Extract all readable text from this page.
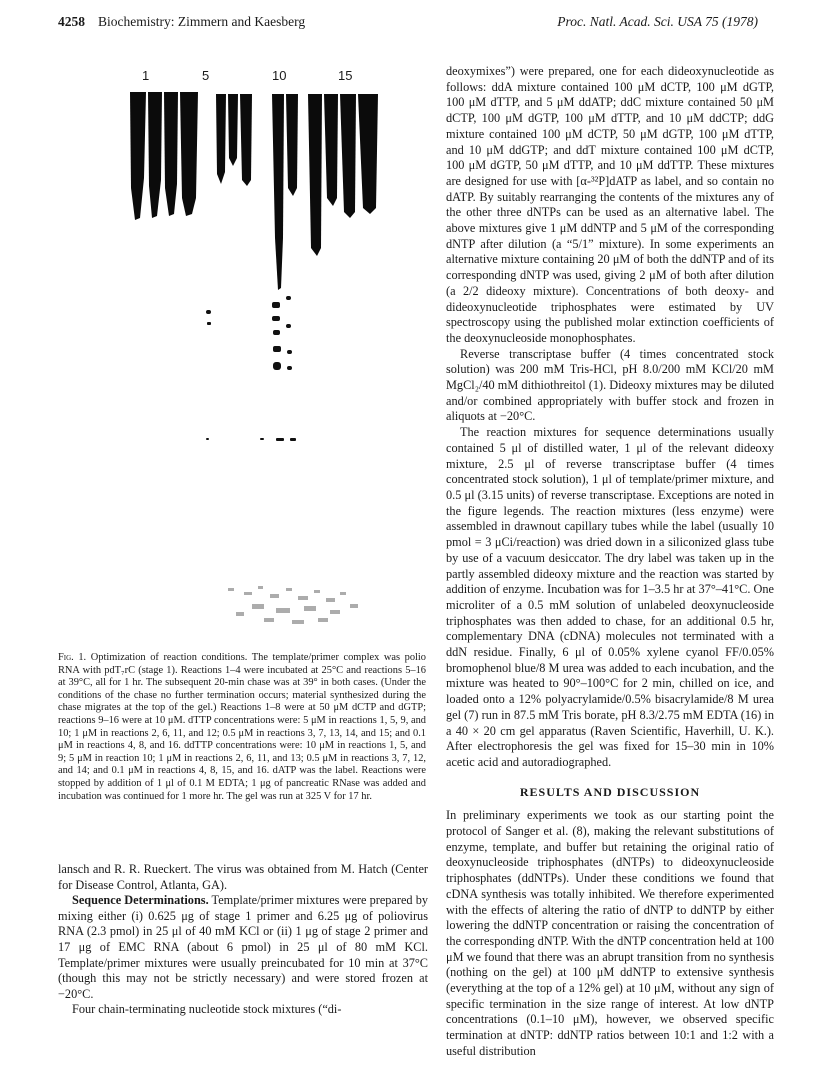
4258 Biochemistry: Zimmern and Kaesberg	Proc. Natl. Acad. Sci. USA 75 (1978)
1	5	10	15
Fig. 1. Optimization of reaction conditions. The template/primer complex was polio RNA with pdT₇rC (stage 1). Reactions 1–4 were incubated at 25°C and reactions 5–16 at 39°C, all for 1 hr. The subsequent 20-min chase was at 39° in both cases. (Under the conditions of the chase no further termination occurs; material synthesized during the chase migrates at the top of the gel.) Reactions 1–8 were at 50 μM dCTP and dGTP; reactions 9–16 were at 10 μM. dTTP concentrations were: 5 μM in reactions 1, 5, 9, and 10; 1 μM in reactions 2, 6, 11, and 12; 0.5 μM in reactions 3, 7, 13, 14, and 15; and 0.1 μM in reactions 4, 8, and 16. ddTTP concentrations were: 10 μM in reactions 1, 5, and 9; 5 μM in reaction 10; 1 μM in reactions 2, 6, 11, and 13; 0.5 μM in reactions 3, 7, 12, and 14; and 0.1 μM in reactions 4, 8, 15, and 16. dATP was the label. Reactions were stopped by addition of 1 μl of 0.1 M EDTA; 1 μg of pancreatic RNase was added and incubation was continued for 1 more hr. The gel was run at 325 V for 17 hr.

lansch and R. R. Rueckert. The virus was obtained from M. Hatch (Center for Disease Control, Atlanta, GA).

Sequence Determinations. Template/primer mixtures were prepared by mixing either (i) 0.625 μg of stage 1 primer and 6.25 μg of poliovirus RNA (2.3 pmol) in 25 μl of 40 mM KCl or (ii) 1 μg of stage 2 primer and 17 μg of EMC RNA (about 6 pmol) in 25 μl of 80 mM KCl. Template/primer mixtures were usually preincubated for 10 min at 37°C (though this may not be strictly necessary) and were stored frozen at −20°C.

Four chain-terminating nucleotide stock mixtures (“di-

deoxymixes”) were prepared, one for each dideoxynucleotide as follows: ddA mixture contained 100 μM dCTP, 100 μM dGTP, 100 μM dTTP, and 5 μM ddATP; ddC mixture contained 50 μM dCTP, 100 μM dGTP, 100 μM dTTP, and 10 μM ddCTP; ddG mixture contained 100 μM dCTP, 50 μM dGTP, 100 μM dTTP, and 10 μM ddGTP; and ddT mixture contained 100 μM dCTP, 100 μM dGTP, 50 μM dTTP, and 10 μM ddTTP. These mixtures are designed for use with [α-³²P]dATP as label, and so contain no dATP. By suitably rearranging the contents of the mixtures any of the other three dNTPs can be used as an alternative label. The above mixtures give 1 μM ddNTP and 5 μM of the corresponding dNTP after dilution (a “5/1” mixture). In some experiments an alternative mixture containing 20 μM of both the ddNTP and of its corresponding dNTP was used, giving 2 μM of both after dilution (a 2/2 dideoxy mixture). Concentrations of both deoxy- and dideoxynucleotide triphosphates were estimated by UV spectroscopy using the published molar extinction coefficients of the deoxynucleoside monophosphates.

Reverse transcriptase buffer (4 times concentrated stock solution) was 200 mM Tris-HCl, pH 8.0/200 mM KCl/20 mM MgCl₂/40 mM dithiothreitol (1). Dideoxy mixtures may be diluted and/or combined appropriately with buffer stock and frozen in aliquots at −20°C.

The reaction mixtures for sequence determinations usually contained 5 μl of distilled water, 1 μl of the relevant dideoxy mixture, 2.5 μl of reverse transcriptase buffer (4 times concentrated stock solution), 1 μl of template/primer mixture, and 0.5 μl (3.15 units) of reverse transcriptase. Exceptions are noted in the figure legends. The reaction mixtures (less enzyme) were assembled in drawnout capillary tubes while the label (usually 10 pmol = 3 μCi/reaction) was dried down in a siliconized glass tube by use of a vacuum desiccator. The dry label was taken up in the partly assembled dideoxy mixture and the reaction was started by addition of enzyme. Incubation was for 1–3.5 hr at 37°–41°C. One microliter of a 0.5 mM solution of unlabeled deoxynucleoside triphosphates was then added to chase, for an additional 0.5 hr, complementary DNA (cDNA) molecules not terminated with a ddN residue. Finally, 6 μl of 0.05% xylene cyanol FF/0.05% bromophenol blue/8 M urea was added to each incubation, and the mixture was heated to 90°–100°C for 2 min, chilled on ice, and loaded onto a 12% polyacrylamide/0.5% bisacrylamide/8 M urea gel (7) run in 87.5 mM Tris borate, pH 8.3/2.75 mM EDTA (16) in a 40 × 20 cm gel apparatus (Raven Scientific, Haverhill, U. K.). After electrophoresis the gel was fixed for 15–30 min in 10% acetic acid and autoradiographed.

RESULTS AND DISCUSSION

In preliminary experiments we took as our starting point the protocol of Sanger et al. (8), making the relevant substitutions of enzyme, template, and buffer but retaining the original ratio of deoxynucleoside triphosphates (dNTPs) to dideoxynucleoside triphosphates (ddNTPs). Under these conditions we found that cDNA synthesis was totally inhibited. We therefore experimented with the effects of altering the ratio of dNTP to ddNTP by either lowering the ddNTP concentration or raising the concentration of the corresponding dNTP. With the dNTP concentration held at 100 μM we found that there was an abrupt transition from no synthesis (nothing on the gel) at 100 μM ddNTP to extensive synthesis (everything at the top of a 12% gel) at 10 μM, without any sign of specific termination in the size range of interest. At low dNTP concentrations (0.1–10 μM), however, we observed specific termination at dNTP: ddNTP ratios between 10:1 and 1:2 with a useful distribution
